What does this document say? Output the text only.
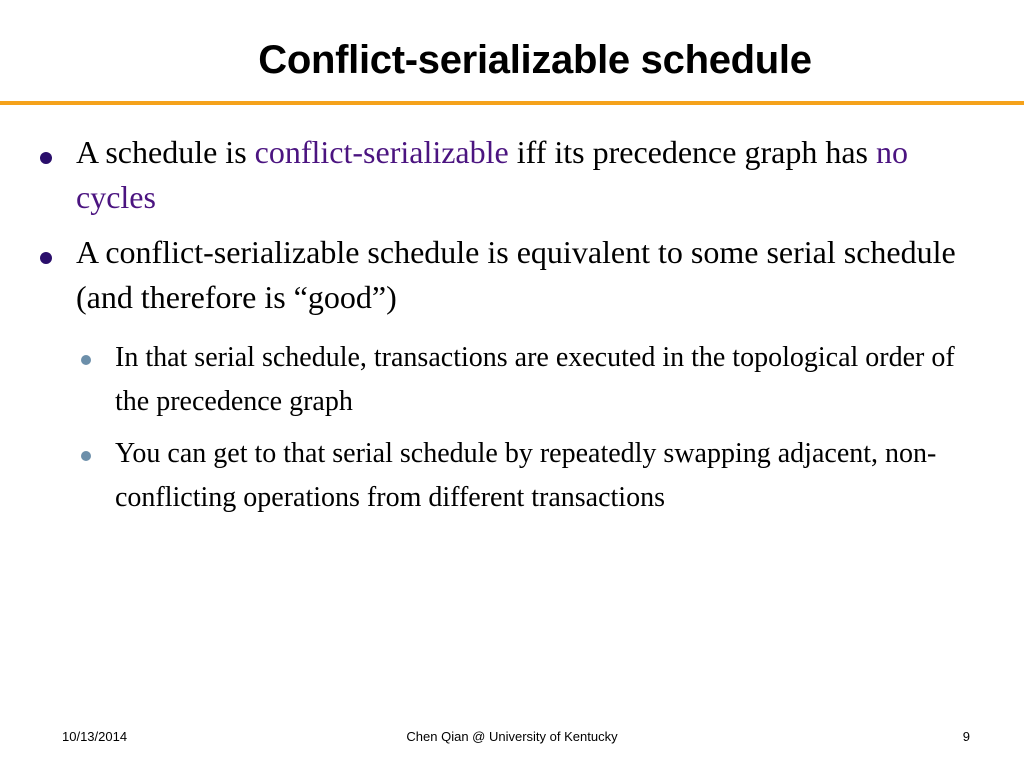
Conflict-serializable schedule
A schedule is conflict-serializable iff its precedence graph has no cycles
A conflict-serializable schedule is equivalent to some serial schedule (and therefore is “good”)
In that serial schedule, transactions are executed in the topological order of the precedence graph
You can get to that serial schedule by repeatedly swapping adjacent, non-conflicting operations from different transactions
10/13/2014	Chen Qian @ University of Kentucky	9
